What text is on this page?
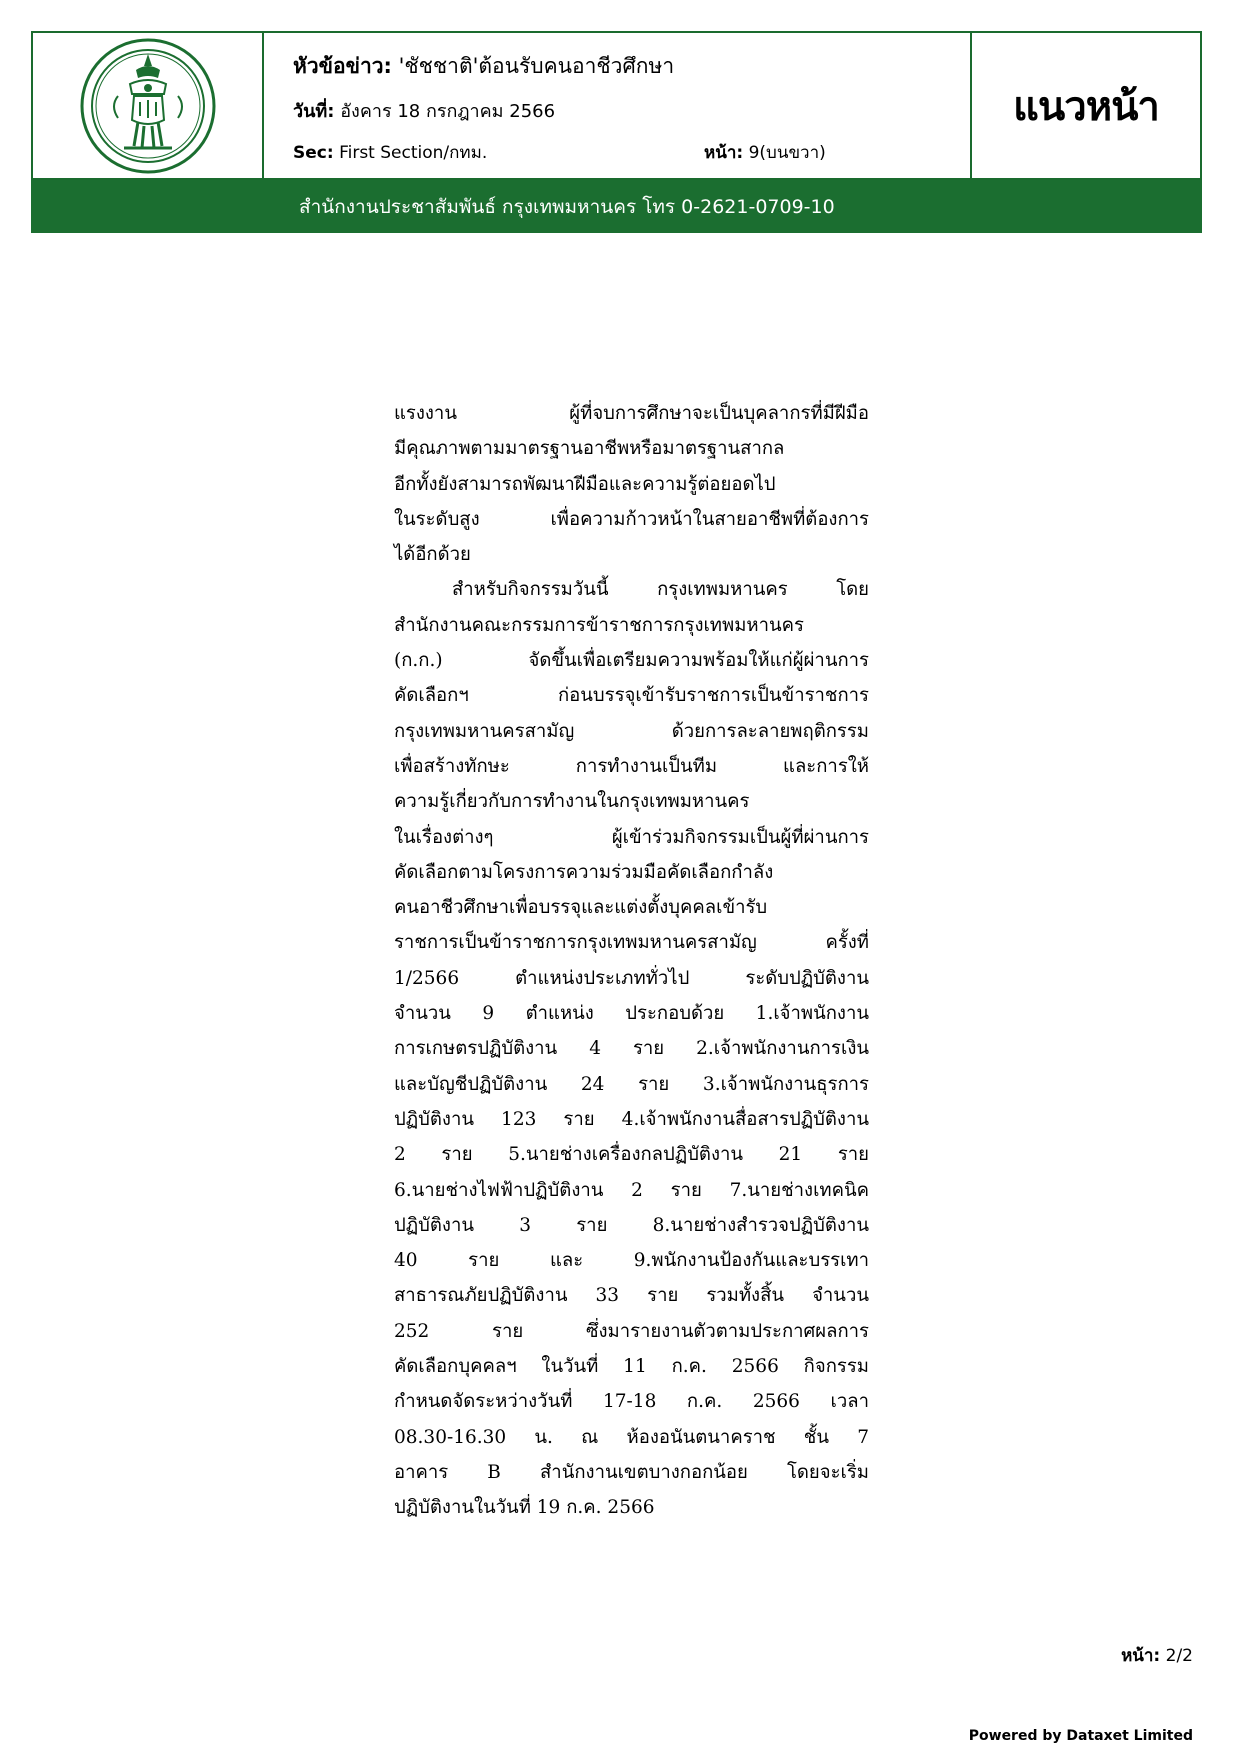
หัวข้อข่าว: 'ชัชชาติ'ต้อนรับคนอาชีวศึกษา
วันที่: อังคาร 18 กรกฎาคม 2566
Sec: First Section/กทม.	หน้า: 9(บนขวา)
แนวหน้า
สำนักงานประชาสัมพันธ์ กรุงเทพมหานคร โทร 0-2621-0709-10
แรงงาน ผู้ที่จบการศึกษาจะเป็นบุคลากรที่มีฝีมือ
มีคุณภาพตามมาตรฐานอาชีพหรือมาตรฐานสากล
อีกทั้งยังสามารถพัฒนาฝีมือและความรู้ต่อยอดไป
ในระดับสูง เพื่อความก้าวหน้าในสายอาชีพที่ต้องการ
ได้อีกด้วย
สำหรับกิจกรรมวันนี้ กรุงเทพมหานคร โดย
สำนักงานคณะกรรมการข้าราชการกรุงเทพมหานคร
(ก.ก.) จัดขึ้นเพื่อเตรียมความพร้อมให้แก่ผู้ผ่านการ
คัดเลือกฯ ก่อนบรรจุเข้ารับราชการเป็นข้าราชการ
กรุงเทพมหานครสามัญ ด้วยการละลายพฤติกรรม
เพื่อสร้างทักษะ การทำงานเป็นทีม และการให้
ความรู้เกี่ยวกับการทำงานในกรุงเทพมหานคร
ในเรื่องต่างๆ ผู้เข้าร่วมกิจกรรมเป็นผู้ที่ผ่านการ
คัดเลือกตามโครงการความร่วมมือคัดเลือกกำลัง
คนอาชีวศึกษาเพื่อบรรจุและแต่งตั้งบุคคลเข้ารับ
ราชการเป็นข้าราชการกรุงเทพมหานครสามัญ ครั้งที่
1/2566 ตำแหน่งประเภททั่วไป ระดับปฏิบัติงาน
จำนวน 9 ตำแหน่ง ประกอบด้วย 1.เจ้าพนักงาน
การเกษตรปฏิบัติงาน 4 ราย 2.เจ้าพนักงานการเงิน
และบัญชีปฏิบัติงาน 24 ราย 3.เจ้าพนักงานธุรการ
ปฏิบัติงาน 123 ราย 4.เจ้าพนักงานสื่อสารปฏิบัติงาน
2 ราย 5.นายช่างเครื่องกลปฏิบัติงาน 21 ราย
6.นายช่างไฟฟ้าปฏิบัติงาน 2 ราย 7.นายช่างเทคนิค
ปฏิบัติงาน 3 ราย 8.นายช่างสำรวจปฏิบัติงาน
40 ราย และ 9.พนักงานป้องกันและบรรเทา
สาธารณภัยปฏิบัติงาน 33 ราย รวมทั้งสิ้น จำนวน
252 ราย ซึ่งมารายงานตัวตามประกาศผลการ
คัดเลือกบุคคลฯ ในวันที่ 11 ก.ค. 2566 กิจกรรม
กำหนดจัดระหว่างวันที่ 17-18 ก.ค. 2566 เวลา
08.30-16.30 น. ณ ห้องอนันตนาคราช ชั้น 7
อาคาร B สำนักงานเขตบางกอกน้อย โดยจะเริ่ม
ปฏิบัติงานในวันที่ 19 ก.ค. 2566
หน้า: 2/2
Powered by Dataxet Limited
